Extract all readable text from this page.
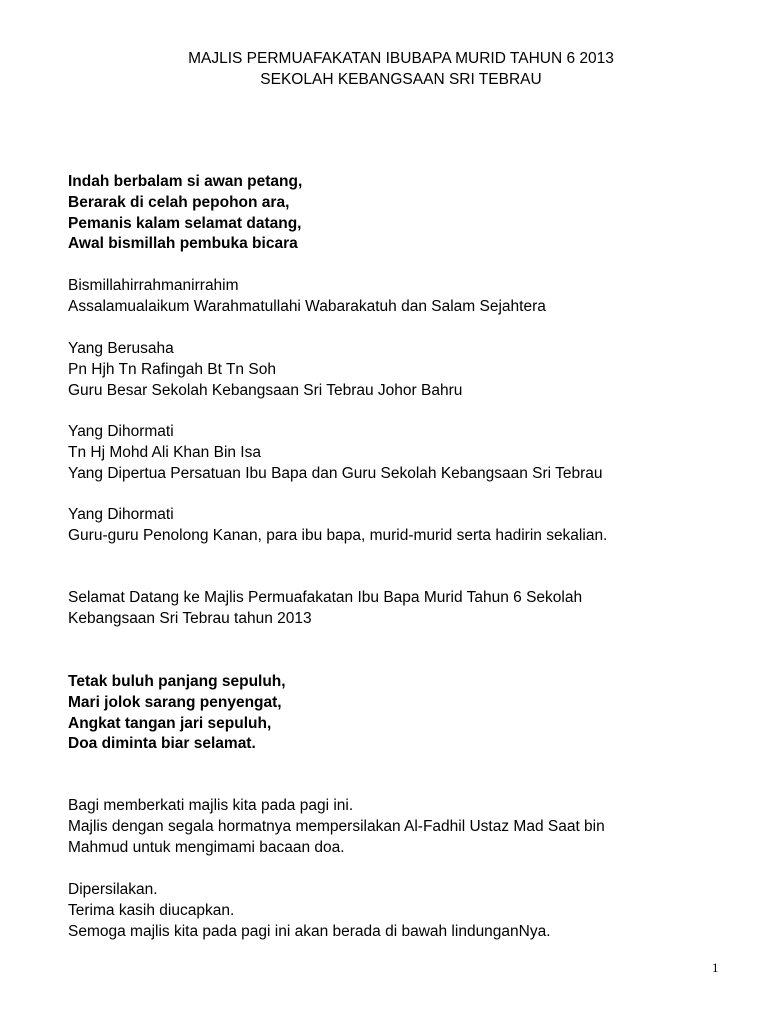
MAJLIS PERMUAFAKATAN IBUBAPA MURID TAHUN 6 2013
SEKOLAH KEBANGSAAN SRI TEBRAU
Indah berbalam si awan petang,
Berarak di celah pepohon ara,
Pemanis kalam selamat datang,
Awal bismillah pembuka bicara
Bismillahirrahmanirrahim
Assalamualaikum Warahmatullahi Wabarakatuh dan Salam Sejahtera
Yang Berusaha
Pn Hjh Tn Rafingah Bt Tn Soh
Guru Besar Sekolah Kebangsaan Sri Tebrau Johor Bahru
Yang Dihormati
Tn Hj Mohd Ali Khan Bin Isa
Yang Dipertua Persatuan Ibu Bapa dan Guru Sekolah Kebangsaan Sri Tebrau
Yang Dihormati
Guru-guru Penolong Kanan, para ibu bapa, murid-murid serta hadirin sekalian.
Selamat Datang ke Majlis Permuafakatan Ibu Bapa Murid Tahun 6 Sekolah
Kebangsaan Sri Tebrau tahun 2013
Tetak buluh panjang sepuluh,
Mari jolok sarang penyengat,
Angkat tangan jari sepuluh,
Doa diminta biar selamat.
Bagi memberkati majlis kita pada pagi ini.
Majlis dengan segala hormatnya mempersilakan Al-Fadhil Ustaz Mad Saat bin
Mahmud untuk mengimami bacaan doa.
Dipersilakan.
Terima kasih diucapkan.
Semoga majlis kita pada pagi ini akan berada di bawah lindunganNya.
1
